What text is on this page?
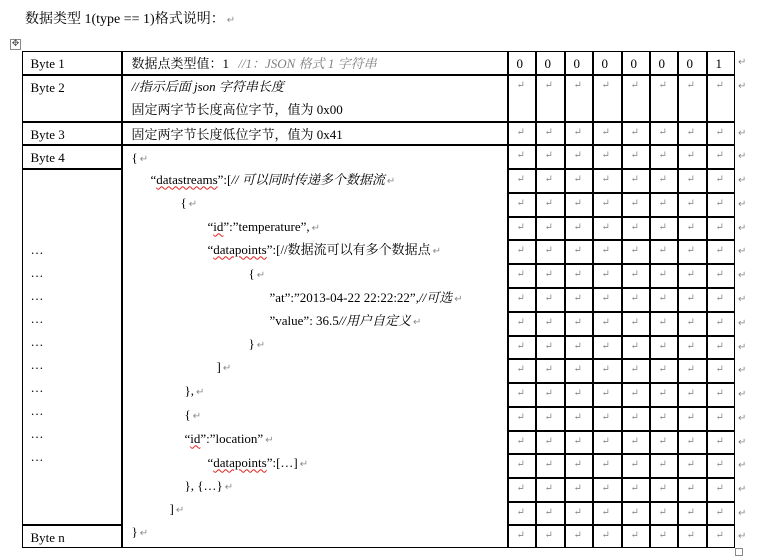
数据类型 1(type == 1)格式说明： ↵
✥
Byte 1
Byte 2
Byte 3
Byte 4
…
…
…
…
…
…
…
…
…
…
Byte n
数据点类型值：1 //1：JSON 格式 1 字符串
//指示后面 json 字符串长度
固定两字节长度高位字节，值为 0x00
固定两字节长度低位字节，值为 0x41
{ ↵
“datastreams”:[// 可以同时传递多个数据流 ↵
{ ↵
“id”:”temperature”, ↵
“datapoints”:[//数据流可以有多个数据点 ↵
{ ↵
”at”:”2013-04-22 22:22:22”,//可选 ↵
”value”: 36.5//用户自定义 ↵
} ↵
] ↵
}, ↵
{ ↵
“id”:”location” ↵
“datapoints”:[…] ↵
}, {…} ↵
] ↵
} ↵
0 0 0 0 0 0 0 1
↵ ↵ ↵ ↵ ↵ ↵ ↵ ↵
↵ ↵ ↵ ↵ ↵ ↵ ↵ ↵
↵ ↵ ↵ ↵ ↵ ↵ ↵ ↵
↵ ↵ ↵ ↵ ↵ ↵ ↵ ↵
↵ ↵ ↵ ↵ ↵ ↵ ↵ ↵
↵ ↵ ↵ ↵ ↵ ↵ ↵ ↵
↵ ↵ ↵ ↵ ↵ ↵ ↵ ↵
↵ ↵ ↵ ↵ ↵ ↵ ↵ ↵
↵ ↵ ↵ ↵ ↵ ↵ ↵ ↵
↵ ↵ ↵ ↵ ↵ ↵ ↵ ↵
↵ ↵ ↵ ↵ ↵ ↵ ↵ ↵
↵ ↵ ↵ ↵ ↵ ↵ ↵ ↵
↵ ↵ ↵ ↵ ↵ ↵ ↵ ↵
↵ ↵ ↵ ↵ ↵ ↵ ↵ ↵
↵ ↵ ↵ ↵ ↵ ↵ ↵ ↵
↵ ↵ ↵ ↵ ↵ ↵ ↵ ↵
↵ ↵ ↵ ↵ ↵ ↵ ↵ ↵
↵ ↵ ↵ ↵ ↵ ↵ ↵ ↵
↵ ↵ ↵ ↵ ↵ ↵ ↵ ↵
↵
↵
↵
↵
↵
↵
↵
↵
↵
↵
↵
↵
↵
↵
↵
↵
↵
↵
↵
↵
